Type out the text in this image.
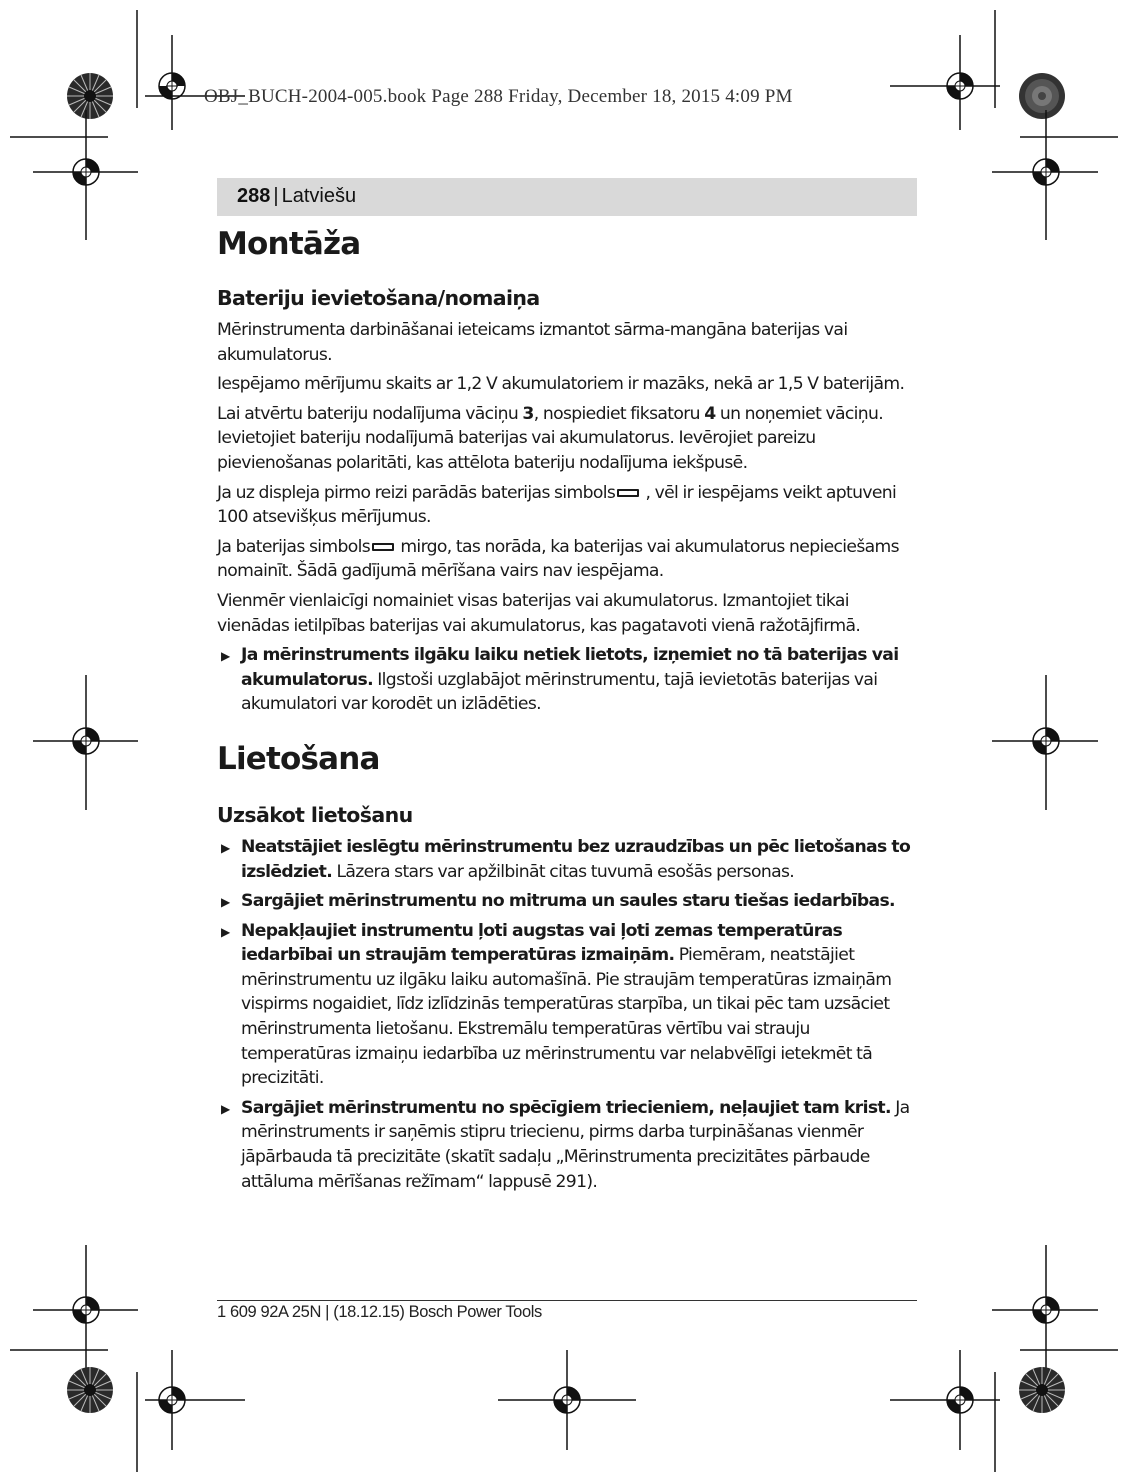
OBJ_BUCH-2004-005.book Page 288 Friday, December 18, 2015 4:09 PM
288 | Latviešu
Montāža
Bateriju ievietošana/nomaiņa

Mērinstrumenta darbināšanai ieteicams izmantot sārma-mangāna baterijas vai akumulatorus.

Iespējamo mērījumu skaits ar 1,2 V akumulatoriem ir mazāks, nekā ar 1,5 V baterijām.

Lai atvērtu bateriju nodalījuma vāciņu 3, nospiediet fiksatoru 4 un noņemiet vāciņu. Ievietojiet bateriju nodalījumā baterijas vai akumulatorus. Ievērojiet pareizu pievienošanas polaritāti, kas attēlota bateriju nodalījuma iekšpusē.

Ja uz displeja pirmo reizi parādās baterijas simbols , vēl ir iespējams veikt aptuveni 100 atsevišķus mērījumus.

Ja baterijas simbols mirgo, tas norāda, ka baterijas vai akumulatorus nepieciešams nomainīt. Šādā gadījumā mērīšana vairs nav iespējama.

Vienmēr vienlaicīgi nomainiet visas baterijas vai akumulatorus. Izmantojiet tikai vienādas ietilpības baterijas vai akumulatorus, kas pagatavoti vienā ražotājfirmā.

▶ Ja mērinstruments ilgāku laiku netiek lietots, izņemiet no tā baterijas vai akumulatorus. Ilgstoši uzglabājot mērinstrumentu, tajā ievietotās baterijas vai akumulatori var korodēt un izlādēties.

Lietošana
Uzsākot lietošanu

▶ Neatstājiet ieslēgtu mērinstrumentu bez uzraudzības un pēc lietošanas to izslēdziet. Lāzera stars var apžilbināt citas tuvumā esošās personas.

▶ Sargājiet mērinstrumentu no mitruma un saules staru tiešas iedarbības.

▶ Nepakļaujiet instrumentu ļoti augstas vai ļoti zemas temperatūras iedarbībai un straujām temperatūras izmaiņām. Piemēram, neatstājiet mērinstrumentu uz ilgāku laiku automašīnā. Pie straujām temperatūras izmaiņām vispirms nogaidiet, līdz izlīdzinās temperatūras starpība, un tikai pēc tam uzsāciet mērinstrumenta lietošanu. Ekstremālu temperatūras vērtību vai strauju temperatūras izmaiņu iedarbība uz mērinstrumentu var nelabvēlīgi ietekmēt tā precizitāti.

▶ Sargājiet mērinstrumentu no spēcīgiem triecieniem, neļaujiet tam krist. Ja mērinstruments ir saņēmis stipru triecienu, pirms darba turpināšanas vienmēr jāpārbauda tā precizitāte (skatīt sadaļu „Mērinstrumenta precizitātes pārbaude attāluma mērīšanas režīmam“ lappusē 291).

1 609 92A 25N | (18.12.15) Bosch Power Tools
